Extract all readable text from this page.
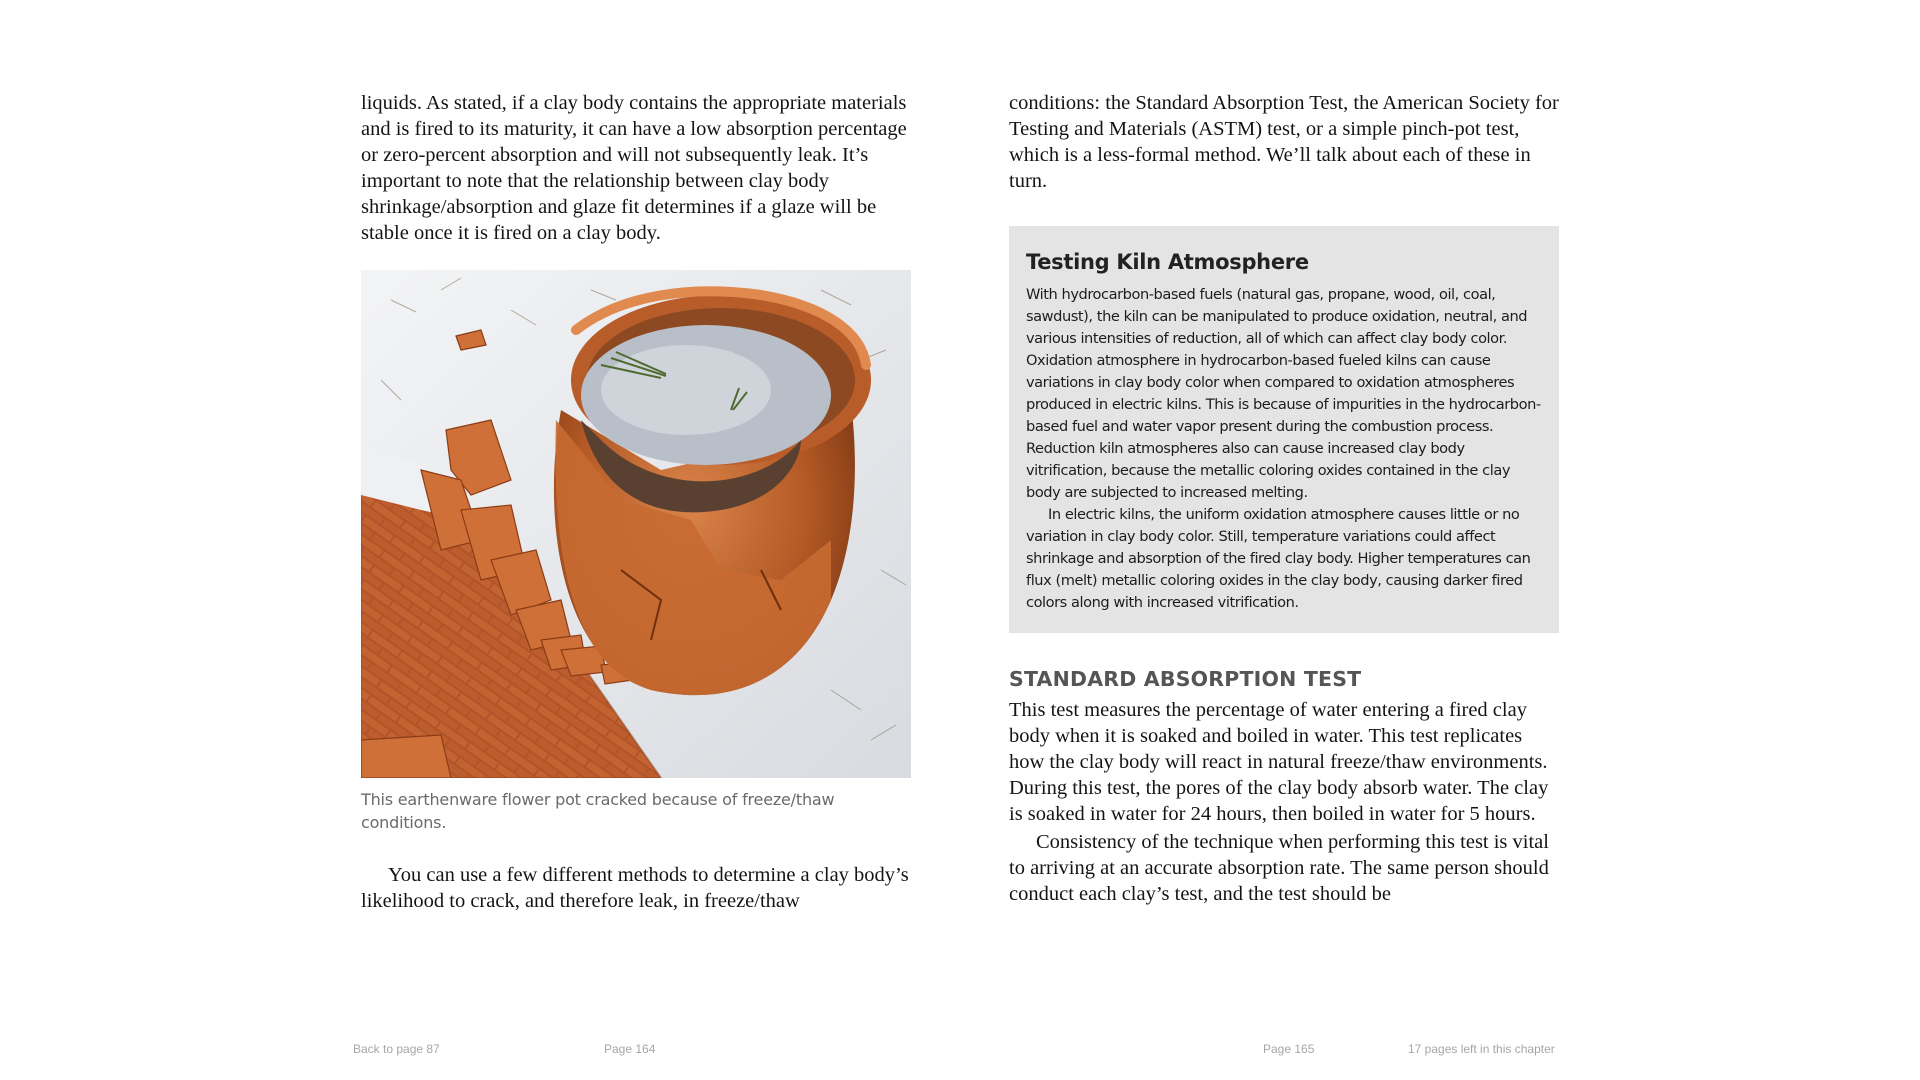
liquids. As stated, if a clay body contains the appropriate materials and is fired to its maturity, it can have a low absorption percentage or zero-percent absorption and will not subsequently leak. It’s important to note that the relationship between clay body shrinkage/absorption and glaze fit determines if a glaze will be stable once it is fired on a clay body.

This earthenware flower pot cracked because of freeze/thaw conditions.

You can use a few different methods to determine a clay body’s likelihood to crack, and therefore leak, in freeze/thaw

conditions: the Standard Absorption Test, the American Society for Testing and Materials (ASTM) test, or a simple pinch-pot test, which is a less-formal method. We’ll talk about each of these in turn.

Testing Kiln Atmosphere

With hydrocarbon-based fuels (natural gas, propane, wood, oil, coal, sawdust), the kiln can be manipulated to produce oxidation, neutral, and various intensities of reduction, all of which can affect clay body color. Oxidation atmosphere in hydrocarbon-based fueled kilns can cause variations in clay body color when compared to oxidation atmospheres produced in electric kilns. This is because of impurities in the hydrocarbon-based fuel and water vapor present during the combustion process. Reduction kiln atmospheres also can cause increased clay body vitrification, because the metallic coloring oxides contained in the clay body are subjected to increased melting.

In electric kilns, the uniform oxidation atmosphere causes little or no variation in clay body color. Still, temperature variations could affect shrinkage and absorption of the fired clay body. Higher temperatures can flux (melt) metallic coloring oxides in the clay body, causing darker fired colors along with increased vitrification.

STANDARD ABSORPTION TEST

This test measures the percentage of water entering a fired clay body when it is soaked and boiled in water. This test replicates how the clay body will react in natural freeze/thaw environments. During this test, the pores of the clay body absorb water. The clay is soaked in water for 24 hours, then boiled in water for 5 hours.

Consistency of the technique when performing this test is vital to arriving at an accurate absorption rate. The same person should conduct each clay’s test, and the test should be

Back to page 87	Page 164	Page 165	17 pages left in this chapter
